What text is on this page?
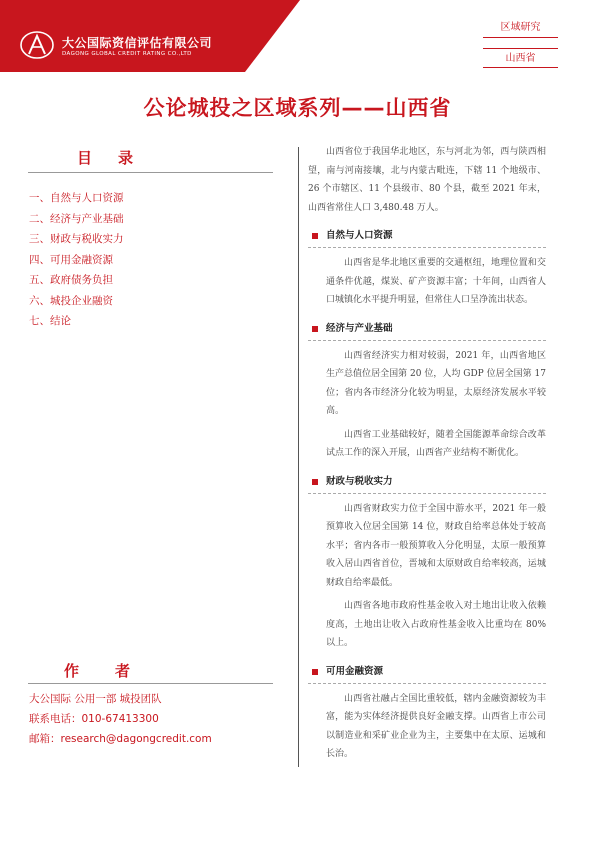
大公国际资信评估有限公司
DAGONG GLOBAL CREDIT RATING CO.,LTD
区域研究
山西省
公论城投之区域系列——山西省
目录
一、自然与人口资源
二、经济与产业基础
三、财政与税收实力
四、可用金融资源
五、政府债务负担
六、城投企业融资
七、结论
作者
大公国际 公用一部 城投团队
联系电话：010-67413300
邮箱：research@dagongcredit.com

山西省位于我国华北地区，东与河北为邻，西与陕西相望，南与河南接壤，北与内蒙古毗连，下辖 11 个地级市、26 个市辖区、11 个县级市、80 个县，截至 2021 年末，山西省常住人口 3,480.48 万人。

自然与人口资源

山西省是华北地区重要的交通枢纽，地理位置和交通条件优越，煤炭、矿产资源丰富；十年间，山西省人口城镇化水平提升明显，但常住人口呈净流出状态。

经济与产业基础

山西省经济实力相对较弱，2021 年，山西省地区生产总值位居全国第 20 位，人均 GDP 位居全国第 17 位；省内各市经济分化较为明显，太原经济发展水平较高。

山西省工业基础较好，随着全国能源革命综合改革试点工作的深入开展，山西省产业结构不断优化。

财政与税收实力

山西省财政实力位于全国中游水平，2021 年一般预算收入位居全国第 14 位，财政自给率总体处于较高水平；省内各市一般预算收入分化明显，太原一般预算收入居山西省首位，晋城和太原财政自给率较高，运城财政自给率最低。

山西省各地市政府性基金收入对土地出让收入依赖度高，土地出让收入占政府性基金收入比重均在 80%以上。

可用金融资源

山西省社融占全国比重较低，辖内金融资源较为丰富，能为实体经济提供良好金融支撑。山西省上市公司以制造业和采矿业企业为主，主要集中在太原、运城和长治。
